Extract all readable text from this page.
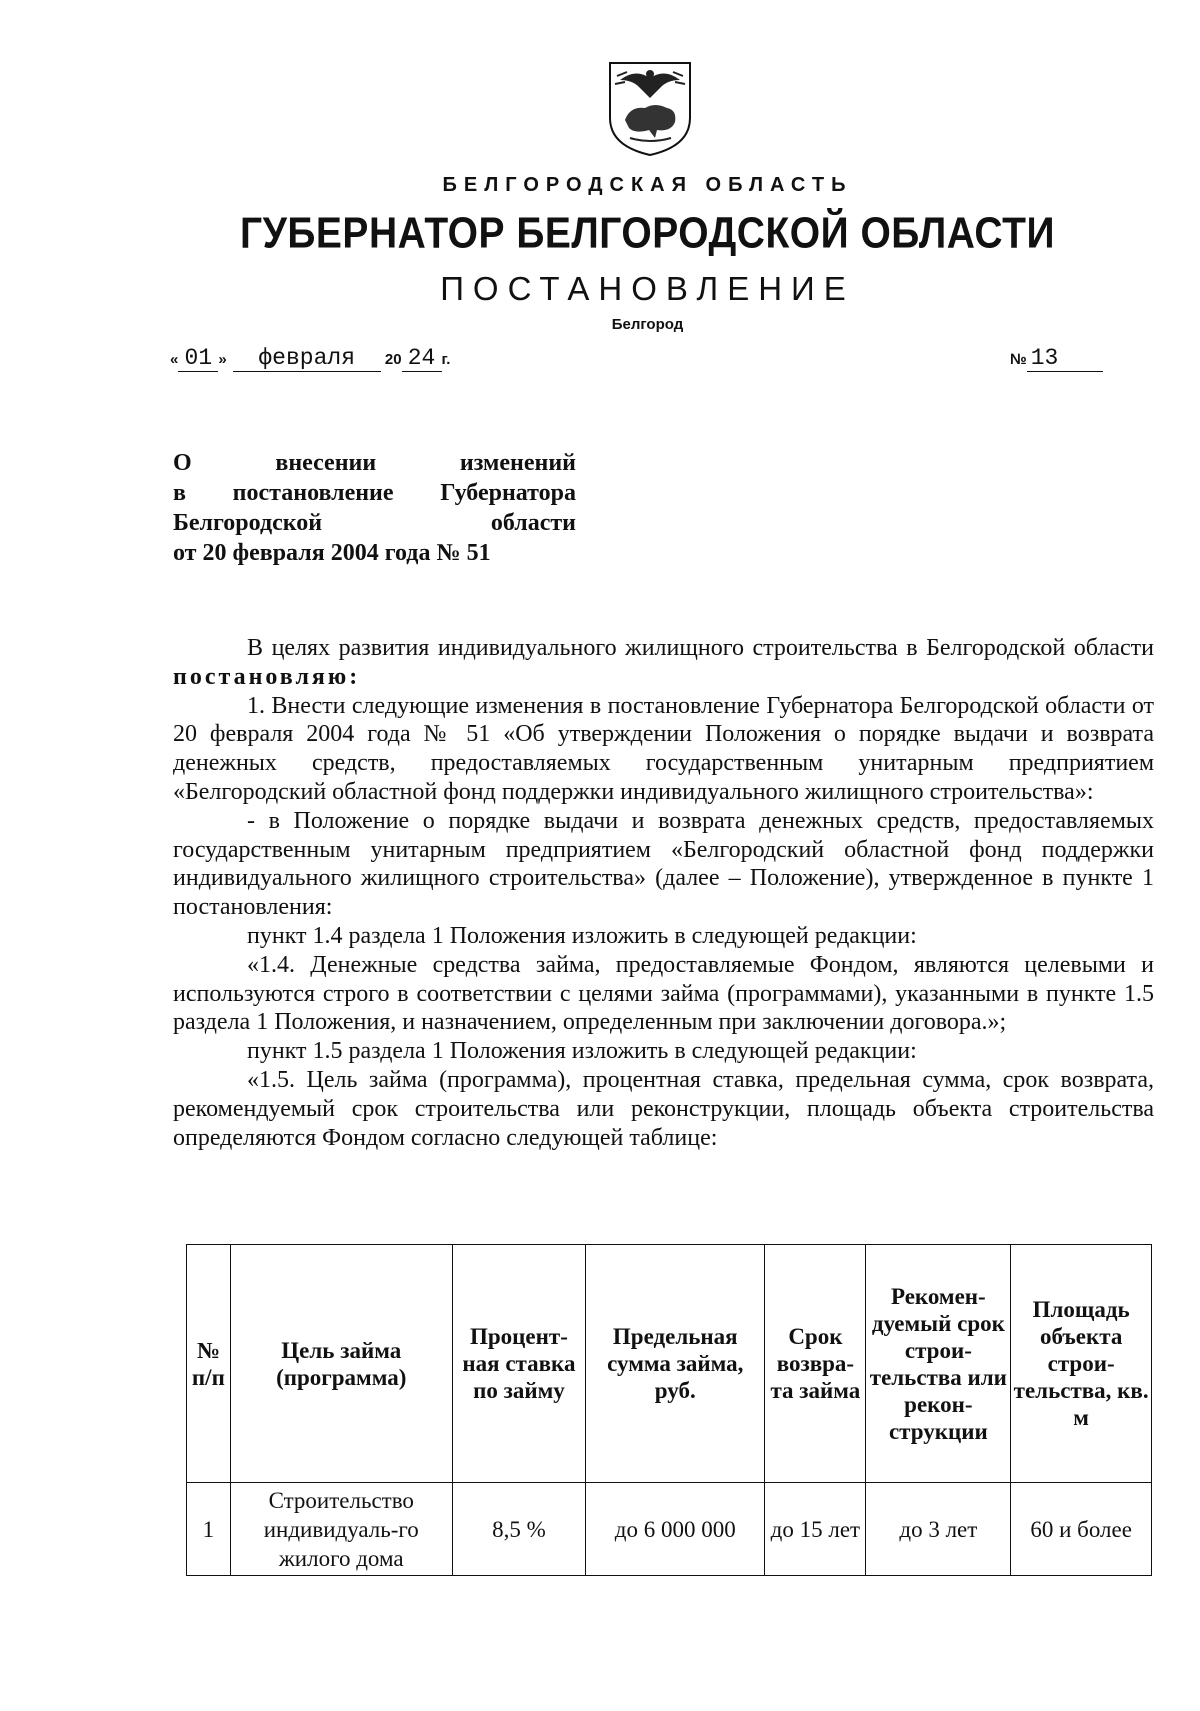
БЕЛГОРОДСКАЯ ОБЛАСТЬ
ГУБЕРНАТОР БЕЛГОРОДСКОЙ ОБЛАСТИ
ПОСТАНОВЛЕНИЕ
Белгород
« 01 » февраля 20 24 г.	№ 13
О внесении изменений
в постановление Губернатора
Белгородской области
от 20 февраля 2004 года № 51

В целях развития индивидуального жилищного строительства в Белгородской области постановляю:

1. Внести следующие изменения в постановление Губернатора Белгородской области от 20 февраля 2004 года № 51 «Об утверждении Положения о порядке выдачи и возврата денежных средств, предоставляемых государственным унитарным предприятием «Белгородский областной фонд поддержки индивидуального жилищного строительства»:

- в Положение о порядке выдачи и возврата денежных средств, предоставляемых государственным унитарным предприятием «Белгородский областной фонд поддержки индивидуального жилищного строительства» (далее – Положение), утвержденное в пункте 1 постановления:

пункт 1.4 раздела 1 Положения изложить в следующей редакции:

«1.4. Денежные средства займа, предоставляемые Фондом, являются целевыми и используются строго в соответствии с целями займа (программами), указанными в пункте 1.5 раздела 1 Положения, и назначением, определенным при заключении договора.»;

пункт 1.5 раздела 1 Положения изложить в следующей редакции:

«1.5. Цель займа (программа), процентная ставка, предельная сумма, срок возврата, рекомендуемый срок строительства или реконструкции, площадь объекта строительства определяются Фондом согласно следующей таблице:

№ п/п	Цель займа (программа)	Процент-ная ставка по займу	Предельная сумма займа, руб.	Срок возвра-та займа	Рекомен-дуемый срок строи-тельства или рекон-струкции	Площадь объекта строи-тельства, кв. м
1	Строительство индивидуаль-го жилого дома	8,5 %	до 6 000 000	до 15 лет	до 3 лет	60 и более
